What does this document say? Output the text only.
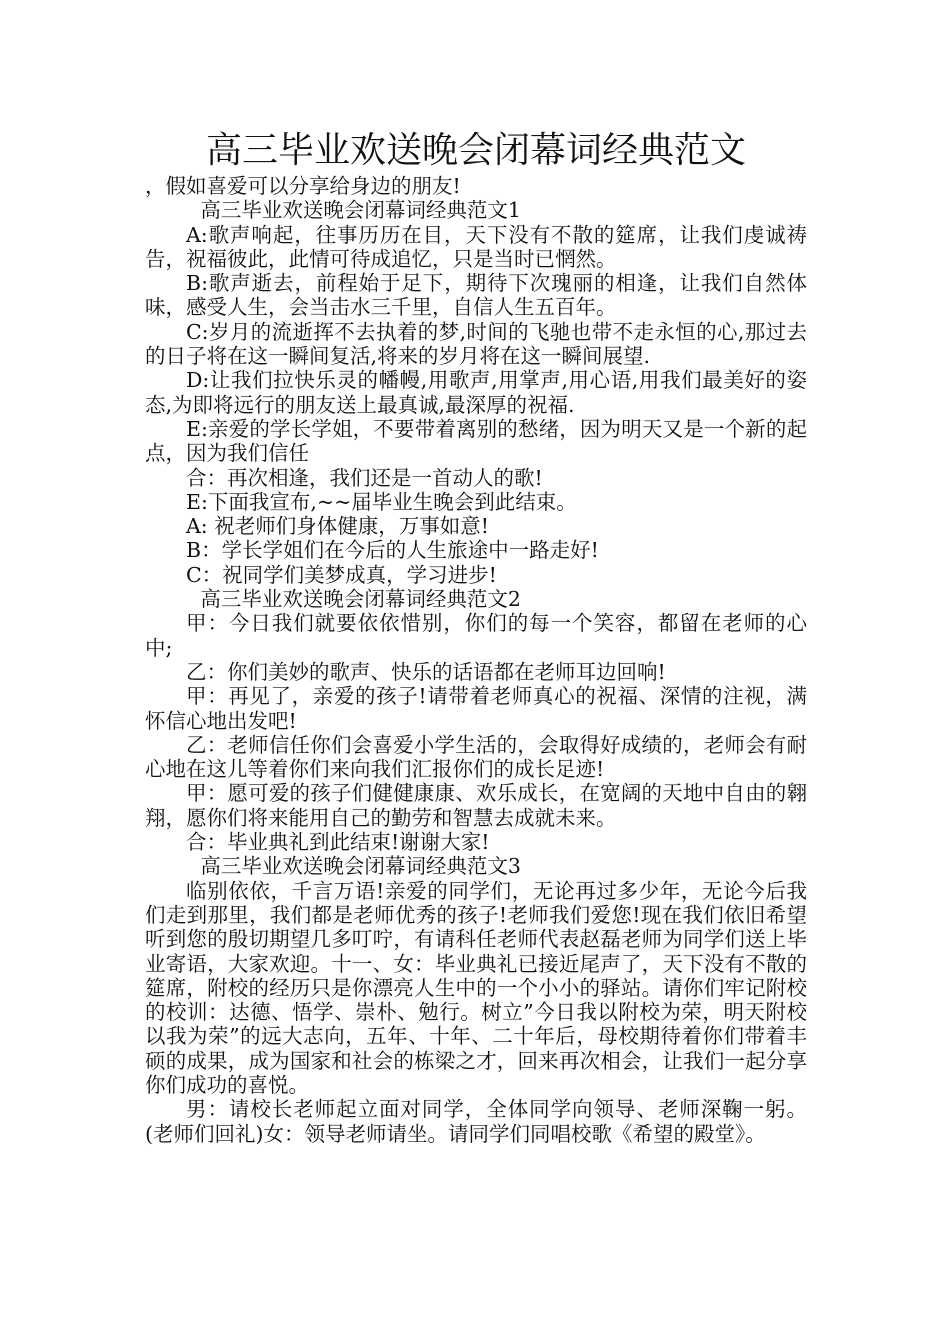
高三毕业欢送晚会闭幕词经典范文

，假如喜爱可以分享给身边的朋友!

高三毕业欢送晚会闭幕词经典范文1

A:歌声响起，往事历历在目，天下没有不散的筵席，让我们虔诚祷告，祝福彼此，此情可待成追忆，只是当时已惘然。

B:歌声逝去，前程始于足下，期待下次瑰丽的相逢，让我们自然体味，感受人生，会当击水三千里，自信人生五百年。

C:岁月的流逝挥不去执着的梦,时间的飞驰也带不走永恒的心,那过去的日子将在这一瞬间复活,将来的岁月将在这一瞬间展望.

D:让我们拉快乐灵的幡幔,用歌声,用掌声,用心语,用我们最美好的姿态,为即将远行的朋友送上最真诚,最深厚的祝福.

E:亲爱的学长学姐，不要带着离别的愁绪，因为明天又是一个新的起点，因为我们信任

合：再次相逢，我们还是一首动人的歌!

E:下面我宣布,~~届毕业生晚会到此结束。

A: 祝老师们身体健康，万事如意!

B：学长学姐们在今后的人生旅途中一路走好!

C：祝同学们美梦成真，学习进步!

高三毕业欢送晚会闭幕词经典范文2

甲：今日我们就要依依惜别，你们的每一个笑容，都留在老师的心中;

乙：你们美妙的歌声、快乐的话语都在老师耳边回响!

甲：再见了，亲爱的孩子!请带着老师真心的祝福、深情的注视，满怀信心地出发吧!

乙：老师信任你们会喜爱小学生活的，会取得好成绩的，老师会有耐心地在这儿等着你们来向我们汇报你们的成长足迹!

甲：愿可爱的孩子们健健康康、欢乐成长，在宽阔的天地中自由的翱翔，愿你们将来能用自己的勤劳和智慧去成就未来。

合：毕业典礼到此结束!谢谢大家!

高三毕业欢送晚会闭幕词经典范文3

临别依依，千言万语!亲爱的同学们，无论再过多少年，无论今后我们走到那里，我们都是老师优秀的孩子!老师我们爱您!现在我们依旧希望听到您的殷切期望几多叮咛，有请科任老师代表赵磊老师为同学们送上毕业寄语，大家欢迎。十一、女：毕业典礼已接近尾声了，天下没有不散的筵席，附校的经历只是你漂亮人生中的一个小小的驿站。请你们牢记附校的校训：达德、悟学、崇朴、勉行。树立”今日我以附校为荣，明天附校以我为荣”的远大志向，五年、十年、二十年后，母校期待着你们带着丰硕的成果，成为国家和社会的栋梁之才，回来再次相会，让我们一起分享你们成功的喜悦。

男：请校长老师起立面对同学，全体同学向领导、老师深鞠一躬。(老师们回礼)女：领导老师请坐。请同学们同唱校歌《希望的殿堂》。
